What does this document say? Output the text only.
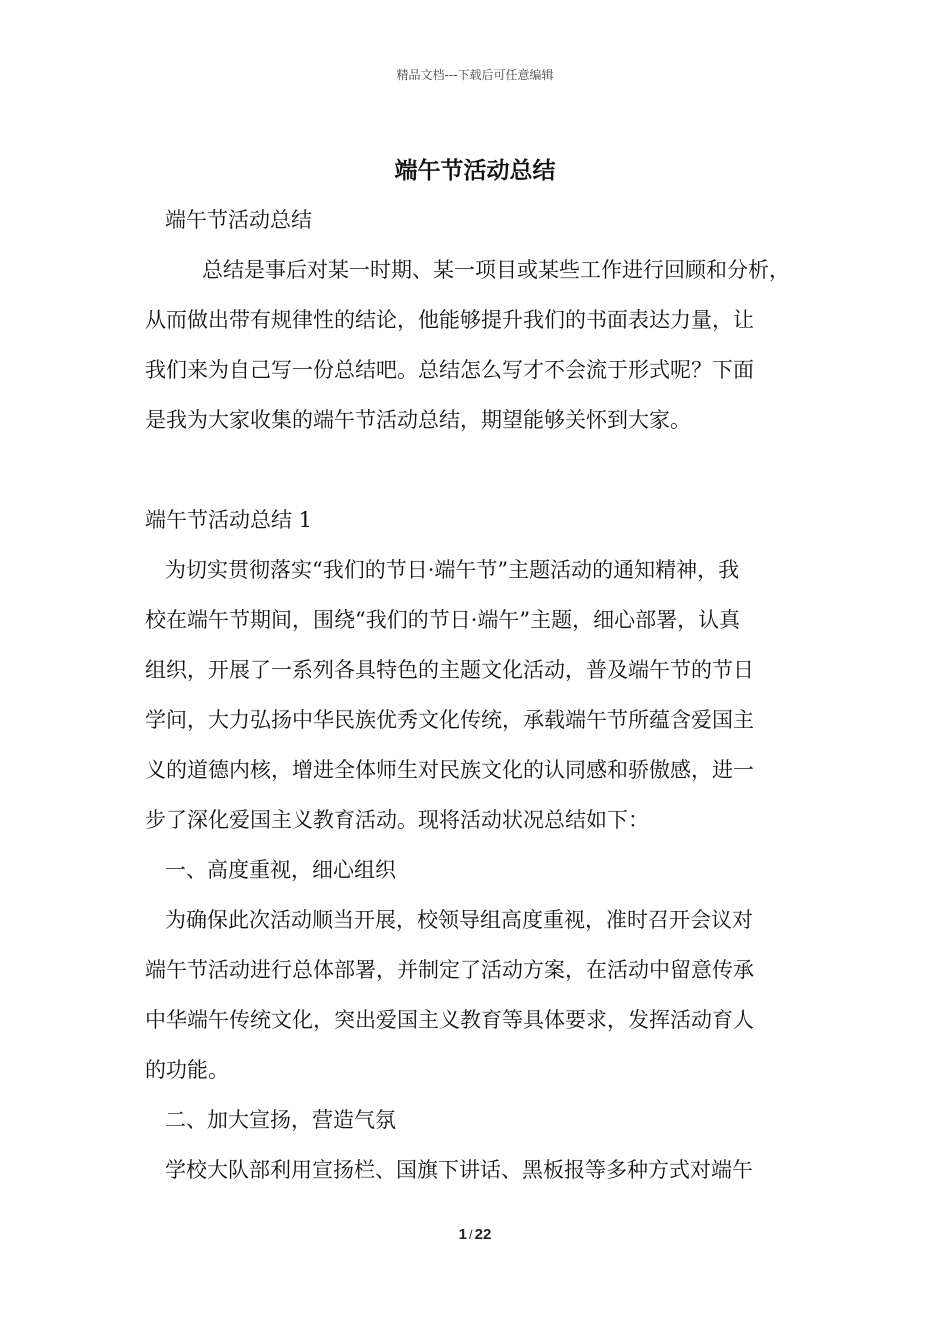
精品文档---下载后可任意编辑
端午节活动总结
端午节活动总结
总结是事后对某一时期、某一项目或某些工作进行回顾和分析，
从而做出带有规律性的结论，他能够提升我们的书面表达力量，让
我们来为自己写一份总结吧。总结怎么写才不会流于形式呢？下面
是我为大家收集的端午节活动总结，期望能够关怀到大家。
端午节活动总结 1
为切实贯彻落实“我们的节日·端午节”主题活动的通知精神，我
校在端午节期间，围绕“我们的节日·端午”主题，细心部署，认真
组织，开展了一系列各具特色的主题文化活动，普及端午节的节日
学问，大力弘扬中华民族优秀文化传统，承载端午节所蕴含爱国主
义的道德内核，增进全体师生对民族文化的认同感和骄傲感，进一
步了深化爱国主义教育活动。现将活动状况总结如下：
一、高度重视，细心组织
为确保此次活动顺当开展，校领导组高度重视，准时召开会议对
端午节活动进行总体部署，并制定了活动方案，在活动中留意传承
中华端午传统文化，突出爱国主义教育等具体要求，发挥活动育人
的功能。
二、加大宣扬，营造气氛
学校大队部利用宣扬栏、国旗下讲话、黑板报等多种方式对端午
1 / 22
